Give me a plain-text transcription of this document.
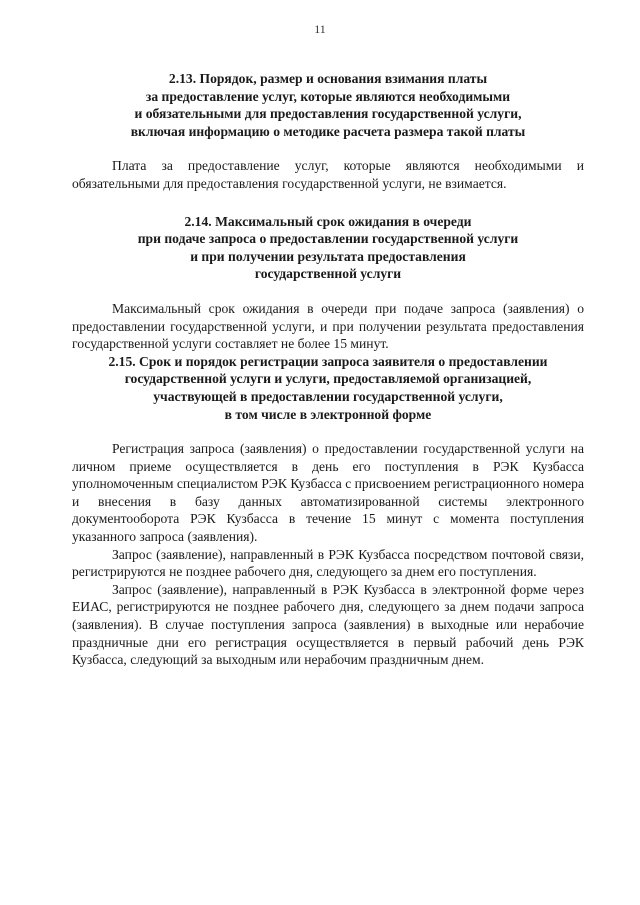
11
2.13. Порядок, размер и основания взимания платы
за предоставление услуг, которые являются необходимыми
и обязательными для предоставления государственной услуги,
включая информацию о методике расчета размера такой платы

Плата за предоставление услуг, которые являются необходимыми и обязательными для предоставления государственной услуги, не взимается.

2.14. Максимальный срок ожидания в очереди
при подаче запроса о предоставлении государственной услуги
и при получении результата предоставления
государственной услуги

Максимальный срок ожидания в очереди при подаче запроса (заявления) о предоставлении государственной услуги, и при получении результата предоставления государственной услуги составляет не более 15 минут.

2.15. Срок и порядок регистрации запроса заявителя о предоставлении
государственной услуги и услуги, предоставляемой организацией,
участвующей в предоставлении государственной услуги,
в том числе в электронной форме

Регистрация запроса (заявления) о предоставлении государственной услуги на личном приеме осуществляется в день его поступления в РЭК Кузбасса уполномоченным специалистом РЭК Кузбасса с присвоением регистрационного номера и внесения в базу данных автоматизированной системы электронного документооборота РЭК Кузбасса в течение 15 минут с момента поступления указанного запроса (заявления).

Запрос (заявление), направленный в РЭК Кузбасса посредством почтовой связи, регистрируются не позднее рабочего дня, следующего за днем его поступления.

Запрос (заявление), направленный в РЭК Кузбасса в электронной форме через ЕИАС, регистрируются не позднее рабочего дня, следующего за днем подачи запроса (заявления). В случае поступления запроса (заявления) в выходные или нерабочие праздничные дни его регистрация осуществляется в первый рабочий день РЭК Кузбасса, следующий за выходным или нерабочим праздничным днем.
